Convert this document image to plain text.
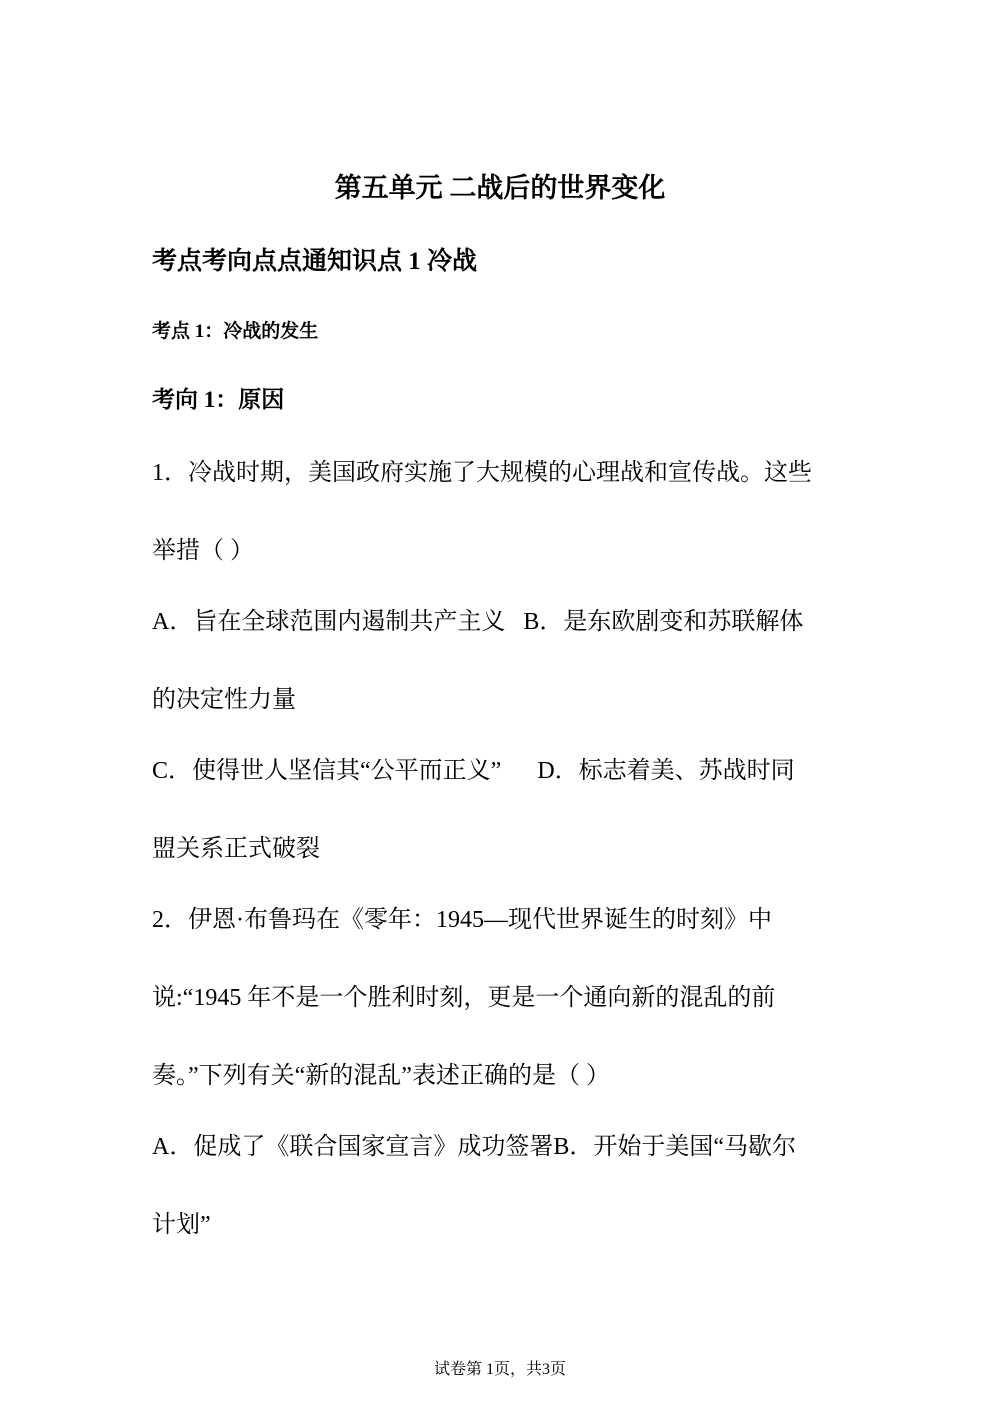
第五单元 二战后的世界变化

考点考向点点通知识点 1 冷战

考点 1：冷战的发生

考向 1：原因

1．冷战时期，美国政府实施了大规模的心理战和宣传战。这些

举措（ ）

A．旨在全球范围内遏制共产主义 B．是东欧剧变和苏联解体

的决定性力量

C．使得世人坚信其“公平而正义” D．标志着美、苏战时同

盟关系正式破裂

2．伊恩·布鲁玛在《零年：1945—现代世界诞生的时刻》中

说:“1945 年不是一个胜利时刻，更是一个通向新的混乱的前

奏。”下列有关“新的混乱”表述正确的是（ ）

A．促成了《联合国家宣言》成功签署B．开始于美国“马歇尔

计划”

试卷第 1页，共3页
